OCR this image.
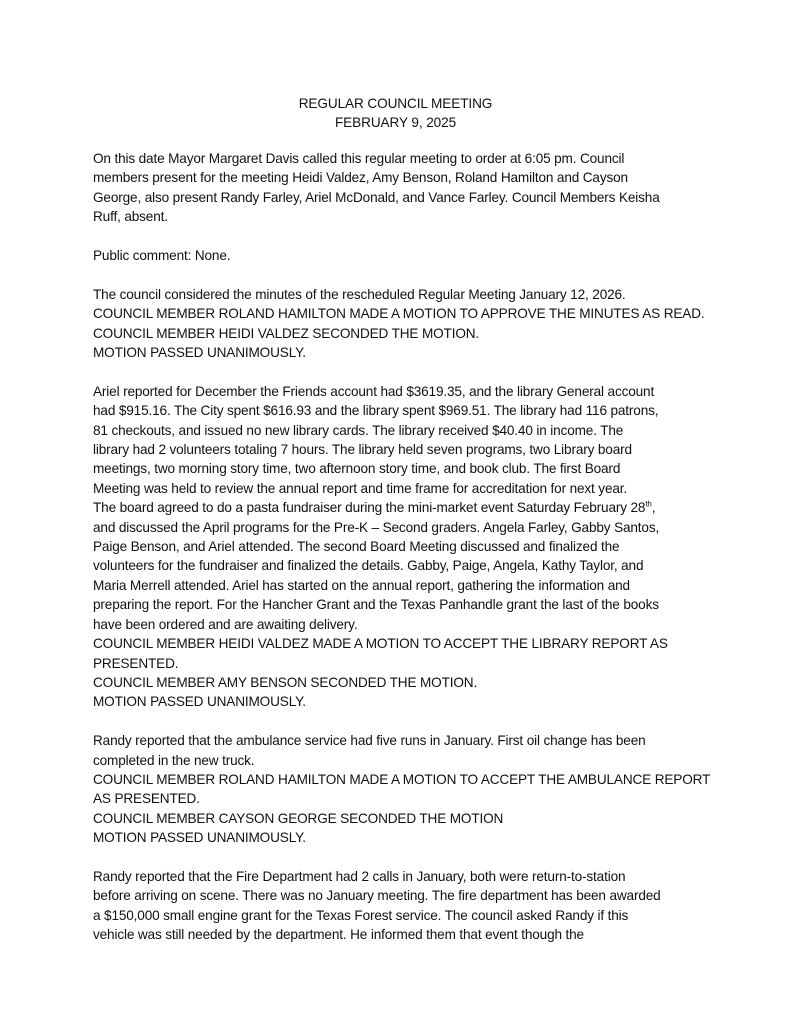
REGULAR COUNCIL MEETING
FEBRUARY 9, 2025
On this date Mayor Margaret Davis called this regular meeting to order at 6:05 pm. Council
members present for the meeting Heidi Valdez, Amy Benson, Roland Hamilton and Cayson
George, also present Randy Farley, Ariel McDonald, and Vance Farley. Council Members Keisha
Ruff, absent.
Public comment: None.
The council considered the minutes of the rescheduled Regular Meeting January 12, 2026.
COUNCIL MEMBER ROLAND HAMILTON MADE A MOTION TO APPROVE THE MINUTES AS READ.
COUNCIL MEMBER HEIDI VALDEZ SECONDED THE MOTION.
MOTION PASSED UNANIMOUSLY.
Ariel reported for December the Friends account had $3619.35, and the library General account
had $915.16. The City spent $616.93 and the library spent $969.51. The library had 116 patrons,
81 checkouts, and issued no new library cards. The library received $40.40 in income. The
library had 2 volunteers totaling 7 hours. The library held seven programs, two Library board
meetings, two morning story time, two afternoon story time, and book club. The first Board
Meeting was held to review the annual report and time frame for accreditation for next year.
The board agreed to do a pasta fundraiser during the mini-market event Saturday February 28th,
and discussed the April programs for the Pre-K – Second graders. Angela Farley, Gabby Santos,
Paige Benson, and Ariel attended. The second Board Meeting discussed and finalized the
volunteers for the fundraiser and finalized the details. Gabby, Paige, Angela, Kathy Taylor, and
Maria Merrell attended. Ariel has started on the annual report, gathering the information and
preparing the report. For the Hancher Grant and the Texas Panhandle grant the last of the books
have been ordered and are awaiting delivery.
COUNCIL MEMBER HEIDI VALDEZ MADE A MOTION TO ACCEPT THE LIBRARY REPORT AS
PRESENTED.
COUNCIL MEMBER AMY BENSON SECONDED THE MOTION.
MOTION PASSED UNANIMOUSLY.
Randy reported that the ambulance service had five runs in January. First oil change has been
completed in the new truck.
COUNCIL MEMBER ROLAND HAMILTON MADE A MOTION TO ACCEPT THE AMBULANCE REPORT
AS PRESENTED.
COUNCIL MEMBER CAYSON GEORGE SECONDED THE MOTION
MOTION PASSED UNANIMOUSLY.
Randy reported that the Fire Department had 2 calls in January, both were return-to-station
before arriving on scene. There was no January meeting. The fire department has been awarded
a $150,000 small engine grant for the Texas Forest service. The council asked Randy if this
vehicle was still needed by the department. He informed them that event though the
